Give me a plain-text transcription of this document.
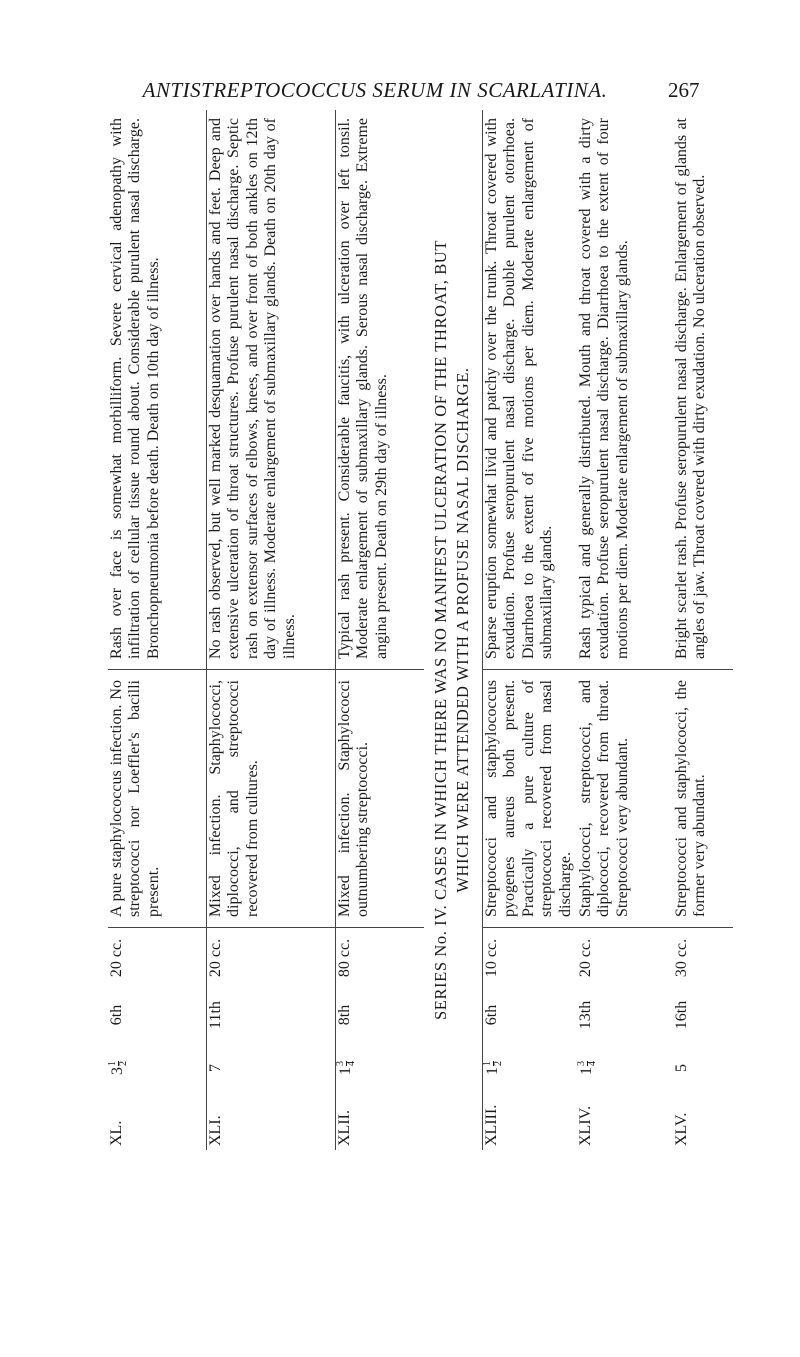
ANTISTREPTOCOCCUS SERUM IN SCARLATINA.	267
XL.
3
1 2
6th
20 cc.
A pure staphylococcus infection. No streptococci nor Loeffler's bacilli present.
Rash over face is somewhat morbilliform. Severe cervical adenopathy with infiltration of cellular tissue round about. Considerable purulent nasal discharge. Bronchopneumonia before death. Death on 10th day of illness.
XLI.
7
11th
20 cc.
Mixed infection. Staphylococci, diplococci, and streptococci recovered from cultures.
No rash observed, but well marked desquamation over hands and feet. Deep and extensive ulceration of throat structures. Profuse purulent nasal discharge. Septic rash on extensor surfaces of elbows, knees, and over front of both ankles on 12th day of illness. Moderate enlargement of submaxillary glands. Death on 20th day of illness.
XLII.
1
3 4
8th
80 cc.
Mixed infection. Staphylococci outnumbering streptococci.
Typical rash present. Considerable faucitis, with ulceration over left tonsil. Moderate enlargement of submaxillary glands. Serous nasal discharge. Extreme angina present. Death on 29th day of illness.	SERIES No. IV. CASES IN WHICH THERE WAS NO MANIFEST ULCERATION OF THE THROAT, BUT WHICH WERE ATTENDED WITH A PROFUSE NASAL DISCHARGE.
XLIII.
1
1 2
6th
10 cc.
Streptococci and staphylococcus pyogenes aureus both present. Practically a pure culture of streptococci recovered from nasal discharge.
Sparse eruption somewhat livid and patchy over the trunk. Throat covered with exudation. Profuse seropurulent nasal discharge. Double purulent otorrhoea. Diarrhoea to the extent of five motions per diem. Moderate enlargement of submaxillary glands.
XLIV.
1
3 4
13th
20 cc.
Staphylococci, streptococci, and diplococci, recovered from throat. Streptococci very abundant.
Rash typical and generally distributed. Mouth and throat covered with a dirty exudation. Profuse seropurulent nasal discharge. Diarrhoea to the extent of four motions per diem. Moderate enlargement of submaxillary glands.
XLV.
5
16th
30 cc.
Streptococci and staphylococci, the former very abundant.
Bright scarlet rash. Profuse seropurulent nasal discharge. Enlargement of glands at angles of jaw. Throat covered with dirty exudation. No ulceration observed.
